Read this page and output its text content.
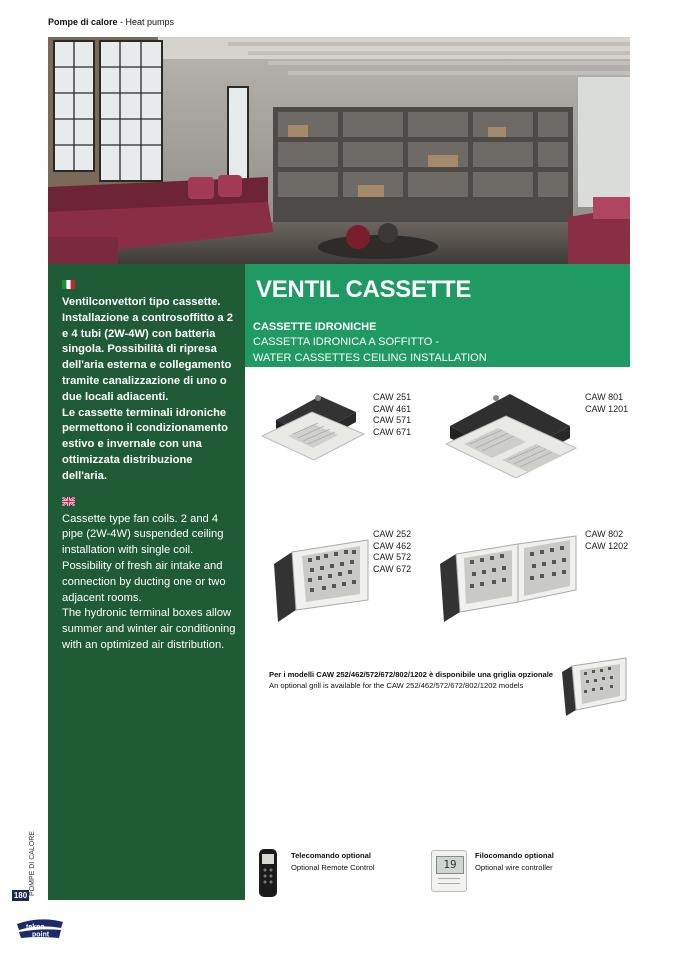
Pompe di calore - Heat pumps

Ventilconvettori tipo cassette. Installazione a controsoffitto a 2 e 4 tubi (2W-4W) con batteria singola. Possibilità di ripresa dell'aria esterna e collegamento tramite canalizzazione di uno o due locali adiacenti.
Le cassette terminali idroniche permettono il condizionamento estivo e invernale con una ottimizzata distribuzione dell'aria.

Cassette type fan coils. 2 and 4 pipe (2W-4W) suspended ceiling installation with single coil. Possibility of fresh air intake and connection by ducting one or two adjacent rooms.
The hydronic terminal boxes allow summer and winter air conditioning with an optimized air distribution.

VENTIL CASSETTE
CASSETTE IDRONICHE
CASSETTA IDRONICA A SOFFITTO -
WATER CASSETTES CEILING INSTALLATION
CAW 251
CAW 461
CAW 571
CAW 671
CAW 801
CAW 1201
CAW 252
CAW 462
CAW 572
CAW 672
CAW 802
CAW 1202
Per i modelli CAW 252/462/572/672/802/1202 è disponibile una griglia opzionale
An optional grill is available for the CAW 252/462/572/672/802/1202 models
Telecomando optional
Optional Remote Control	19
Filocomando optional
Optional wire controller
POMPE DI CALORE
180
tekno
point
